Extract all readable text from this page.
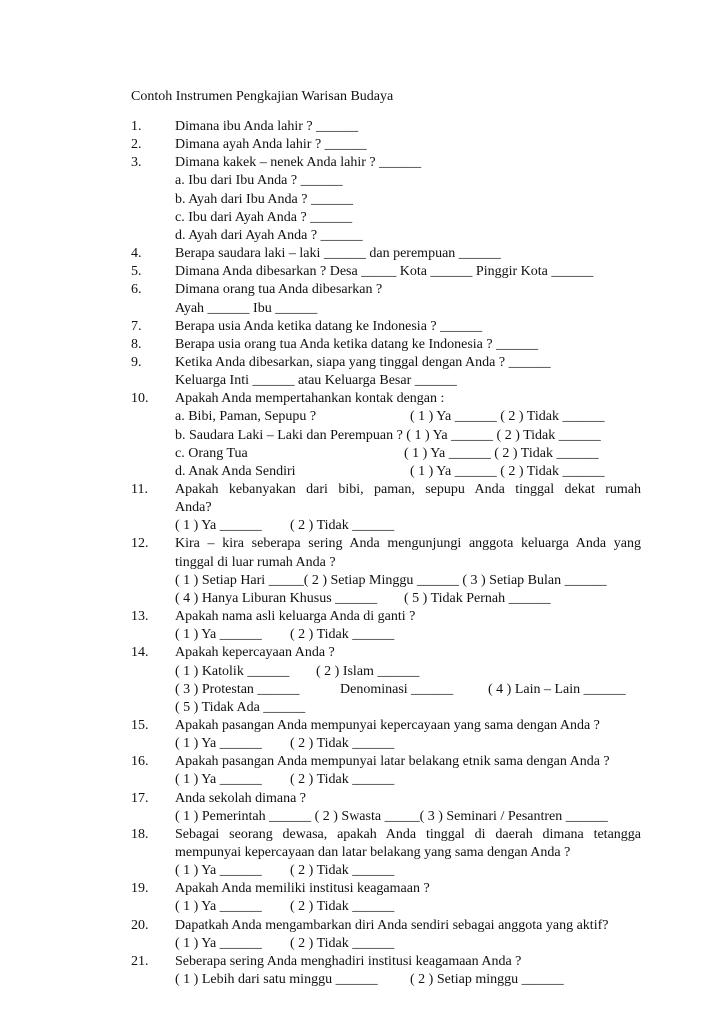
Contoh Instrumen Pengkajian Warisan Budaya
1. Dimana ibu Anda lahir ? ______
2. Dimana ayah Anda lahir ? ______
3. Dimana kakek – nenek Anda lahir ? ______
a. Ibu dari Ibu Anda ? ______
b. Ayah dari Ibu Anda ? ______
c. Ibu dari Ayah Anda ? ______
d. Ayah dari Ayah Anda ? ______
4. Berapa saudara laki – laki ______ dan perempuan ______
5. Dimana Anda dibesarkan ? Desa _____ Kota ______ Pinggir Kota ______
6. Dimana orang tua Anda dibesarkan ?
Ayah ______ Ibu ______
7. Berapa usia Anda ketika datang ke Indonesia ? ______
8. Berapa usia orang tua Anda ketika datang ke Indonesia ? ______
9. Ketika Anda dibesarkan, siapa yang tinggal dengan Anda ? ______
Keluarga Inti ______ atau Keluarga Besar ______
10. Apakah Anda mempertahankan kontak dengan :
a. Bibi, Paman, Sepupu ?	( 1 ) Ya ______ ( 2 ) Tidak ______
b. Saudara Laki – Laki dan Perempuan ? ( 1 ) Ya ______ ( 2 ) Tidak ______
c. Orang Tua	( 1 ) Ya ______ ( 2 ) Tidak ______
d. Anak Anda Sendiri	( 1 ) Ya ______ ( 2 ) Tidak ______
11. Apakah kebanyakan dari bibi, paman, sepupu Anda tinggal dekat rumah
Anda?
( 1 ) Ya ______ ( 2 ) Tidak ______
12. Kira – kira seberapa sering Anda mengunjungi anggota keluarga Anda yang
tinggal di luar rumah Anda ?
( 1 ) Setiap Hari _____( 2 ) Setiap Minggu ______ ( 3 ) Setiap Bulan ______
( 4 ) Hanya Liburan Khusus ______ ( 5 ) Tidak Pernah ______
13. Apakah nama asli keluarga Anda di ganti ?
( 1 ) Ya ______ ( 2 ) Tidak ______
14. Apakah kepercayaan Anda ?
( 1 ) Katolik ______ ( 2 ) Islam ______
( 3 ) Protestan ______	Denominasi ______ ( 4 ) Lain – Lain ______
( 5 ) Tidak Ada ______
15. Apakah pasangan Anda mempunyai kepercayaan yang sama dengan Anda ?
( 1 ) Ya ______ ( 2 ) Tidak ______
16. Apakah pasangan Anda mempunyai latar belakang etnik sama dengan Anda ?
( 1 ) Ya ______ ( 2 ) Tidak ______
17. Anda sekolah dimana ?
( 1 ) Pemerintah ______ ( 2 ) Swasta _____( 3 ) Seminari / Pesantren ______
18. Sebagai seorang dewasa, apakah Anda tinggal di daerah dimana tetangga
mempunyai kepercayaan dan latar belakang yang sama dengan Anda ?
( 1 ) Ya ______ ( 2 ) Tidak ______
19. Apakah Anda memiliki institusi keagamaan ?
( 1 ) Ya ______ ( 2 ) Tidak ______
20. Dapatkah Anda mengambarkan diri Anda sendiri sebagai anggota yang aktif?
( 1 ) Ya ______ ( 2 ) Tidak ______
21. Seberapa sering Anda menghadiri institusi keagamaan Anda ?
( 1 ) Lebih dari satu minggu ______ ( 2 ) Setiap minggu ______
